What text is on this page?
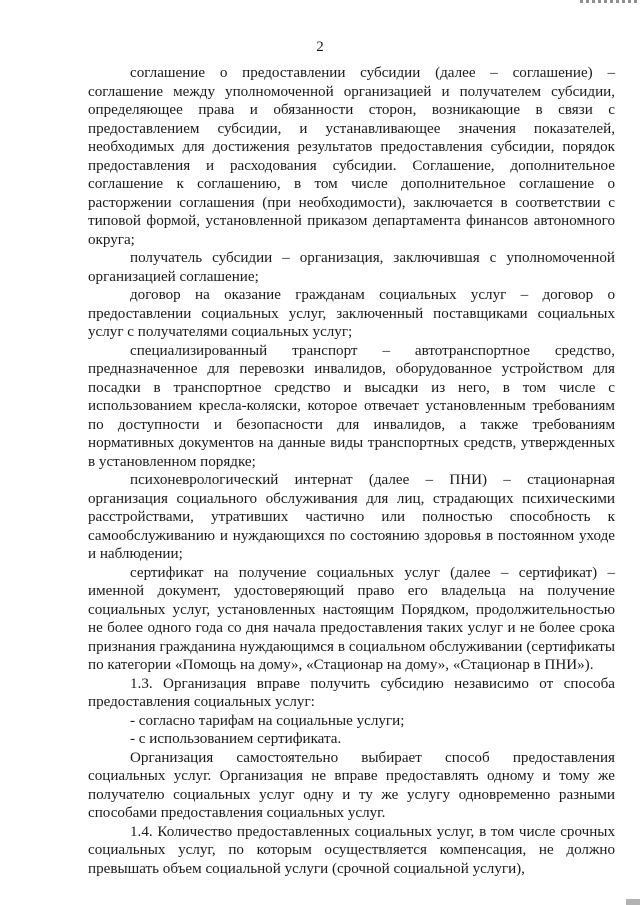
2

соглашение о предоставлении субсидии (далее – соглашение) – соглашение между уполномоченной организацией и получателем субсидии, определяющее права и обязанности сторон, возникающие в связи с предоставлением субсидии, и устанавливающее значения показателей, необходимых для достижения результатов предоставления субсидии, порядок предоставления и расходования субсидии. Соглашение, дополнительное соглашение к соглашению, в том числе дополнительное соглашение о расторжении соглашения (при необходимости), заключается в соответствии с типовой формой, установленной приказом департамента финансов автономного округа;

получатель субсидии – организация, заключившая с уполномоченной организацией соглашение;

договор на оказание гражданам социальных услуг – договор о предоставлении социальных услуг, заключенный поставщиками социальных услуг с получателями социальных услуг;

специализированный транспорт – автотранспортное средство, предназначенное для перевозки инвалидов, оборудованное устройством для посадки в транспортное средство и высадки из него, в том числе с использованием кресла-коляски, которое отвечает установленным требованиям по доступности и безопасности для инвалидов, а также требованиям нормативных документов на данные виды транспортных средств, утвержденных в установленном порядке;

психоневрологический интернат (далее – ПНИ) – стационарная организация социального обслуживания для лиц, страдающих психическими расстройствами, утративших частично или полностью способность к самообслуживанию и нуждающихся по состоянию здоровья в постоянном уходе и наблюдении;

сертификат на получение социальных услуг (далее – сертификат) – именной документ, удостоверяющий право его владельца на получение социальных услуг, установленных настоящим Порядком, продолжительностью не более одного года со дня начала предоставления таких услуг и не более срока признания гражданина нуждающимся в социальном обслуживании (сертификаты по категории «Помощь на дому», «Стационар на дому», «Стационар в ПНИ»).

1.3. Организация вправе получить субсидию независимо от способа предоставления социальных услуг:

- согласно тарифам на социальные услуги;

- с использованием сертификата.

Организация самостоятельно выбирает способ предоставления социальных услуг. Организация не вправе предоставлять одному и тому же получателю социальных услуг одну и ту же услугу одновременно разными способами предоставления социальных услуг.

1.4. Количество предоставленных социальных услуг, в том числе срочных социальных услуг, по которым осуществляется компенсация, не должно превышать объем социальной услуги (срочной социальной услуги),
